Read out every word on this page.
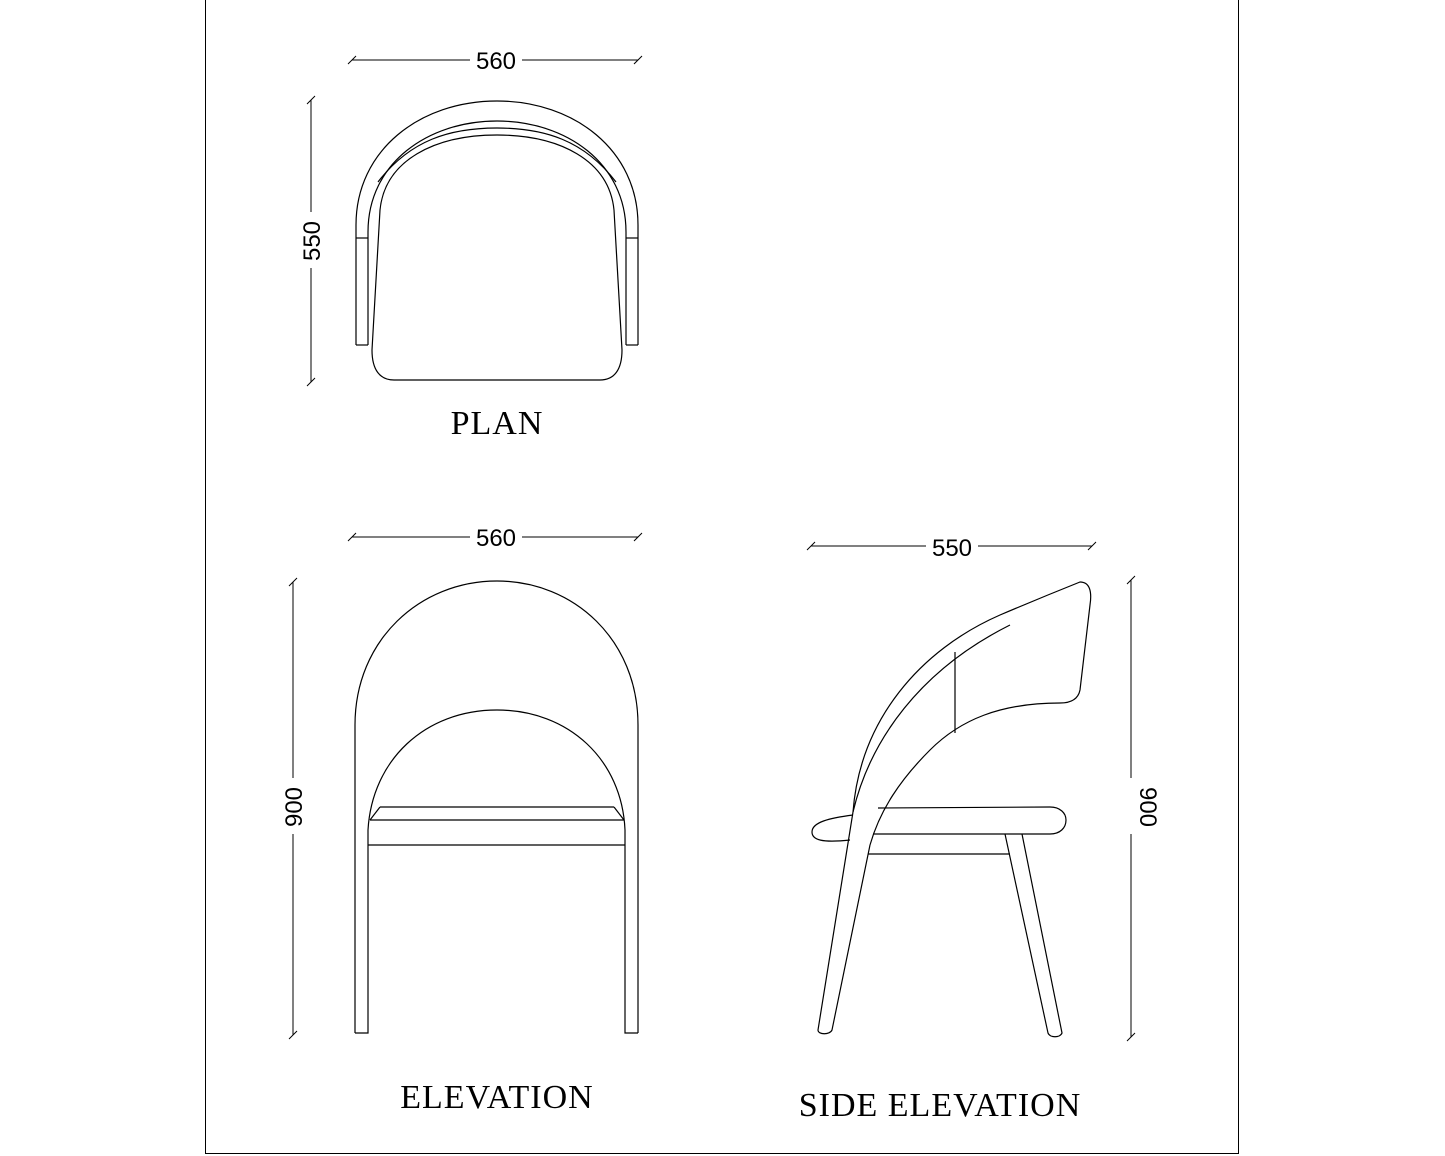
560
550
PLAN
560
900
ELEVATION
550
900
SIDE ELEVATION
